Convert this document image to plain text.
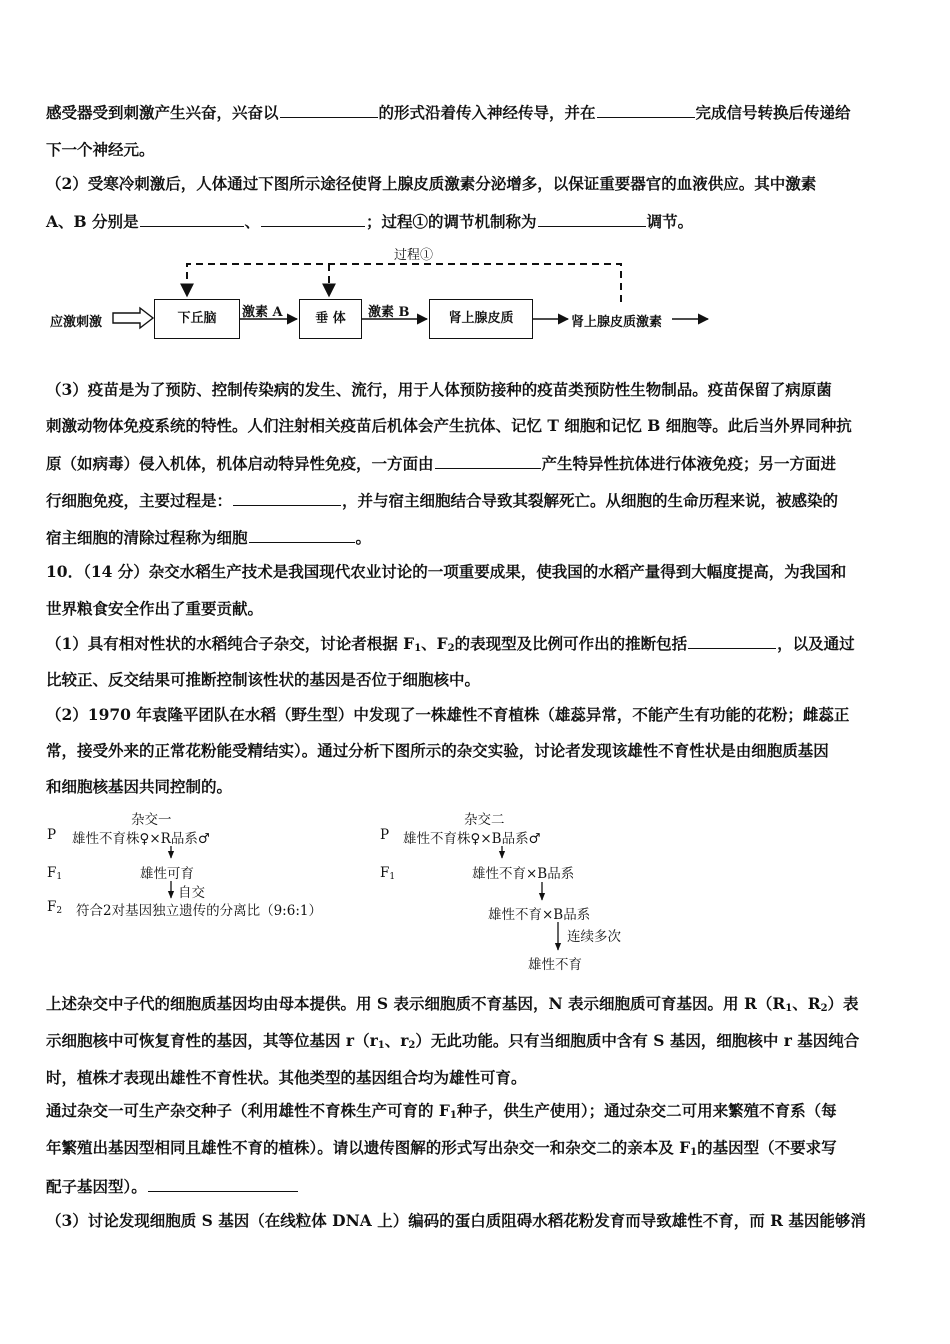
感受器受到刺激产生兴奋，兴奋以	的形式沿着传入神经传导，并在	完成信号转换后传递给
下一个神经元。
（2）受寒冷刺激后，人体通过下图所示途径使肾上腺皮质激素分泌增多，以保证重要器官的血液供应。其中激素
A、B 分别是	、	；过程①的调节机制称为	调节。
过程①
应激刺激	下丘脑	激素 A	垂 体	激素 B	肾上腺皮质	肾上腺皮质激素
（3）疫苗是为了预防、控制传染病的发生、流行，用于人体预防接种的疫苗类预防性生物制品。疫苗保留了病原菌
刺激动物体免疫系统的特性。人们注射相关疫苗后机体会产生抗体、记忆 T 细胞和记忆 B 细胞等。此后当外界同种抗
原（如病毒）侵入机体，机体启动特异性免疫，一方面由	产生特异性抗体进行体液免疫；另一方面进
行细胞免疫，主要过程是：	，并与宿主细胞结合导致其裂解死亡。从细胞的生命历程来说，被感染的
宿主细胞的清除过程称为细胞	。
10．（14 分）杂交水稻生产技术是我国现代农业讨论的一项重要成果，使我国的水稻产量得到大幅度提高，为我国和
世界粮食安全作出了重要贡献。
（1）具有相对性状的水稻纯合子杂交，讨论者根据 $F_1$、$F_2$的表现型及比例可作出的推断包括	，以及通过
比较正、反交结果可推断控制该性状的基因是否位于细胞核中。
（2）1970 年袁隆平团队在水稻（野生型）中发现了一株雄性不育植株（雄蕊异常，不能产生有功能的花粉；雌蕊正
常，接受外来的正常花粉能受精结实）。通过分析下图所示的杂交实验，讨论者发现该雄性不育性状是由细胞质基因
和细胞核基因共同控制的。
杂交一
P 雄性不育株♀×R品系♂
$F_1$	雄性可育
自交
$F_2$ 符合2对基因独立遗传的分离比（9:6:1）
杂交二
P 雄性不育株♀×B品系♂
$F_1$	雄性不育×B品系
雄性不育×B品系
连续多次
雄性不育
上述杂交中子代的细胞质基因均由母本提供。用 S 表示细胞质不育基因，N 表示细胞质可育基因。用 $R(R_1$、$R_2$）表
示细胞核中可恢复育性的基因，其等位基因 $r(r_1$、$r_2$）无此功能。只有当细胞质中含有 S 基因，细胞核中 r 基因纯合
时，植株才表现出雄性不育性状。其他类型的基因组合均为雄性可育。
通过杂交一可生产杂交种子（利用雄性不育株生产可育的 $F_1$种子，供生产使用）；通过杂交二可用来繁殖不育系（每
年繁殖出基因型相同且雄性不育的植株）。请以遗传图解的形式写出杂交一和杂交二的亲本及 $F_1$的基因型（不要求写
配子基因型）。
（3）讨论发现细胞质 S 基因（在线粒体 DNA 上）编码的蛋白质阻碍水稻花粉发育而导致雄性不育，而 R 基因能够消
